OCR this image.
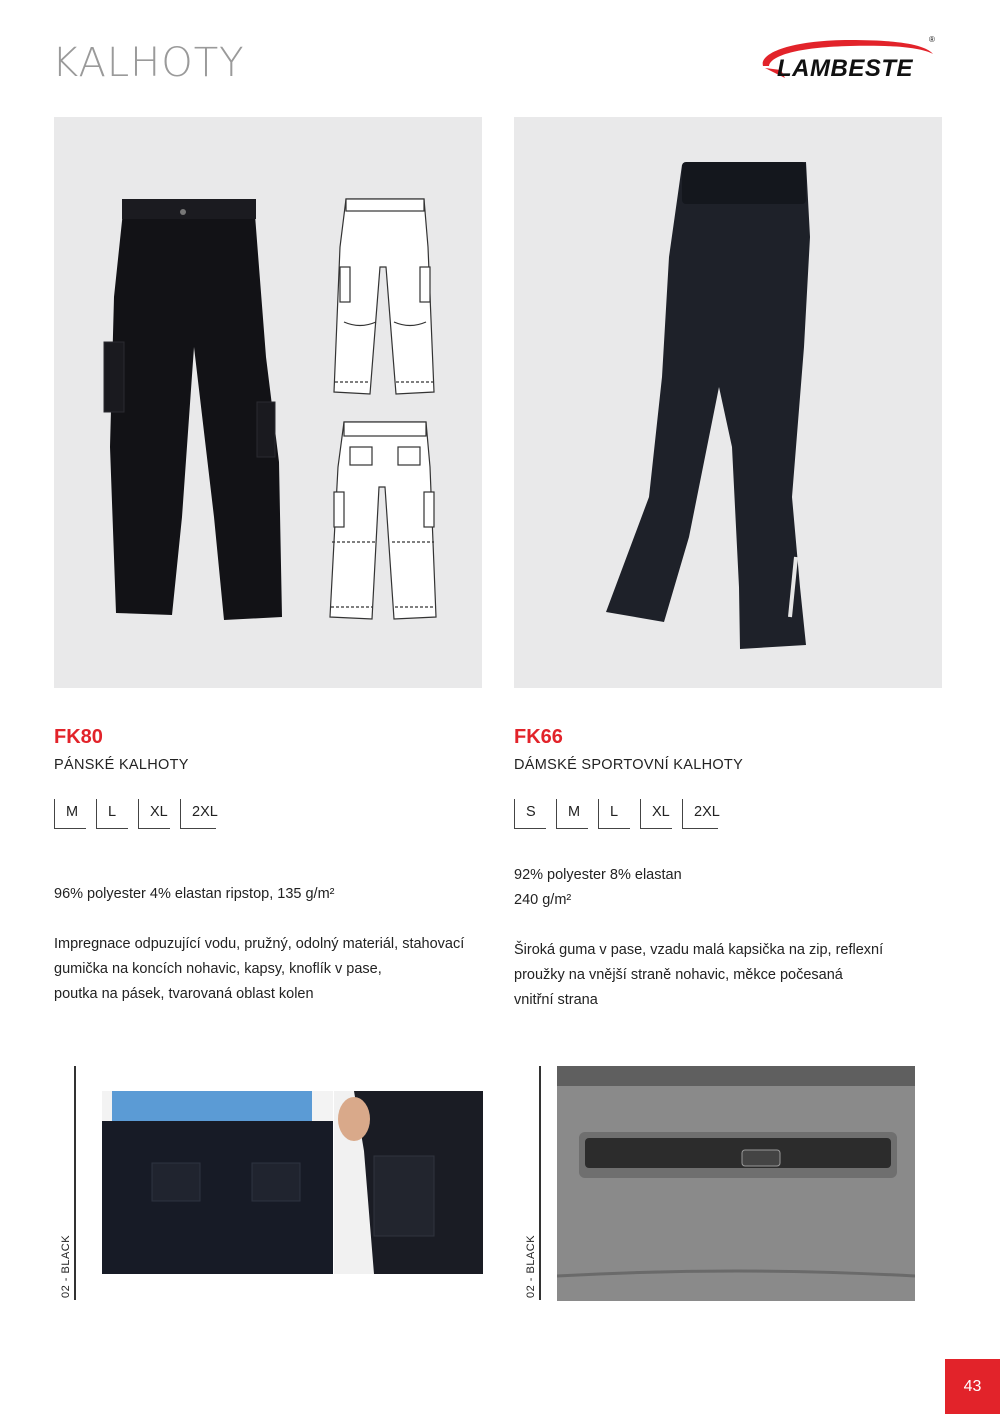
KALHOTY	LAMBESTE
®
FK80
PÁNSKÉ KALHOTY
M	L	XL	2XL
96% polyester 4% elastan ripstop, 135 g/m²
Impregnace odpuzující vodu, pružný, odolný materiál, stahovací
gumička na koncích nohavic, kapsy, knoflík v pase,
poutka na pásek, tvarovaná oblast kolen
FK66
DÁMSKÉ SPORTOVNÍ KALHOTY
S	M	L	XL	2XL
92% polyester 8% elastan
240 g/m²
Široká guma v pase, vzadu malá kapsička na zip, reflexní
proužky na vnější straně nohavic, měkce počesaná
vnitřní strana
02 - BLACK	02 - BLACK
43
